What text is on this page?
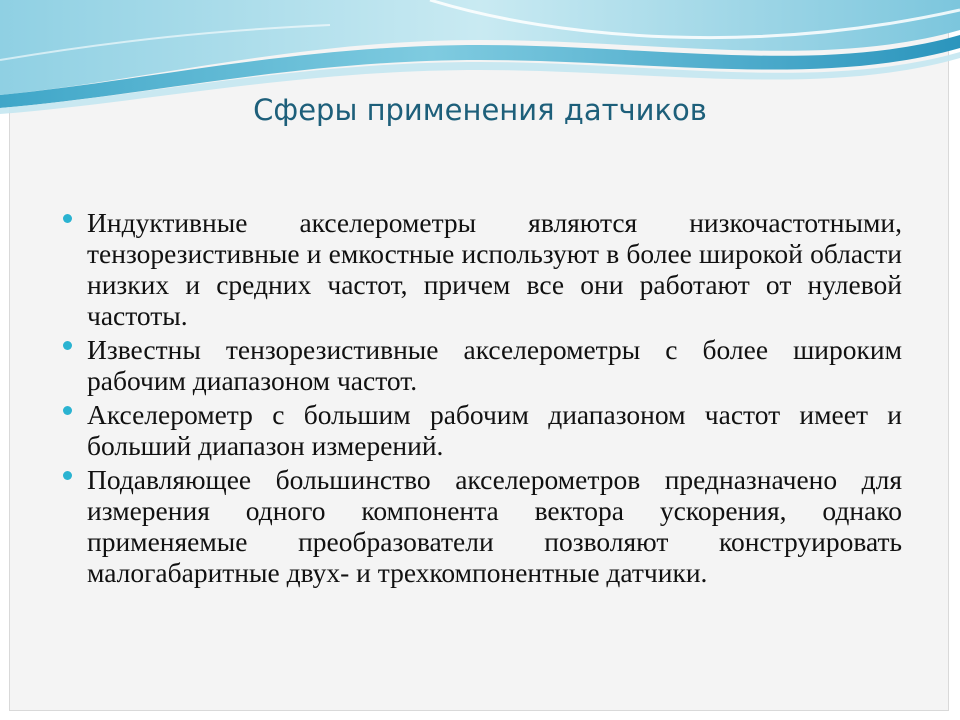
Сферы применения датчиков
Индуктивные акселерометры являются низкочастотными, тензорезистивные и емкостные используют в более широкой области низких и средних частот, причем все они работают от нулевой частоты.
Известны тензорезистивные акселерометры с более широким рабочим диапазоном частот.
Акселерометр с большим рабочим диапазоном частот имеет и больший диапазон измерений.
Подавляющее большинство акселерометров предназначено для измерения одного компонента вектора ускорения, однако применяемые преобразователи позволяют конструировать малогабаритные двух- и трехкомпонентные датчики.
